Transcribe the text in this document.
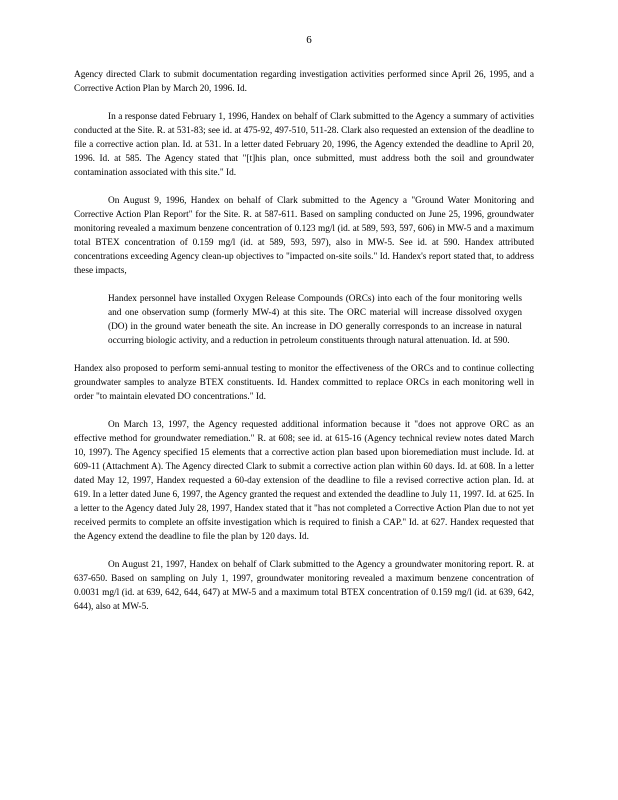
6

Agency directed Clark to submit documentation regarding investigation activities performed since April 26, 1995, and a Corrective Action Plan by March 20, 1996. Id.

In a response dated February 1, 1996, Handex on behalf of Clark submitted to the Agency a summary of activities conducted at the Site. R. at 531-83; see id. at 475-92, 497-510, 511-28. Clark also requested an extension of the deadline to file a corrective action plan. Id. at 531. In a letter dated February 20, 1996, the Agency extended the deadline to April 20, 1996. Id. at 585. The Agency stated that "[t]his plan, once submitted, must address both the soil and groundwater contamination associated with this site." Id.

On August 9, 1996, Handex on behalf of Clark submitted to the Agency a "Ground Water Monitoring and Corrective Action Plan Report" for the Site. R. at 587-611. Based on sampling conducted on June 25, 1996, groundwater monitoring revealed a maximum benzene concentration of 0.123 mg/l (id. at 589, 593, 597, 606) in MW-5 and a maximum total BTEX concentration of 0.159 mg/l (id. at 589, 593, 597), also in MW-5. See id. at 590. Handex attributed concentrations exceeding Agency clean-up objectives to "impacted on-site soils." Id. Handex's report stated that, to address these impacts,

Handex personnel have installed Oxygen Release Compounds (ORCs) into each of the four monitoring wells and one observation sump (formerly MW-4) at this site. The ORC material will increase dissolved oxygen (DO) in the ground water beneath the site. An increase in DO generally corresponds to an increase in natural occurring biologic activity, and a reduction in petroleum constituents through natural attenuation. Id. at 590.

Handex also proposed to perform semi-annual testing to monitor the effectiveness of the ORCs and to continue collecting groundwater samples to analyze BTEX constituents. Id. Handex committed to replace ORCs in each monitoring well in order "to maintain elevated DO concentrations." Id.

On March 13, 1997, the Agency requested additional information because it "does not approve ORC as an effective method for groundwater remediation." R. at 608; see id. at 615-16 (Agency technical review notes dated March 10, 1997). The Agency specified 15 elements that a corrective action plan based upon bioremediation must include. Id. at 609-11 (Attachment A). The Agency directed Clark to submit a corrective action plan within 60 days. Id. at 608. In a letter dated May 12, 1997, Handex requested a 60-day extension of the deadline to file a revised corrective action plan. Id. at 619. In a letter dated June 6, 1997, the Agency granted the request and extended the deadline to July 11, 1997. Id. at 625. In a letter to the Agency dated July 28, 1997, Handex stated that it "has not completed a Corrective Action Plan due to not yet received permits to complete an offsite investigation which is required to finish a CAP." Id. at 627. Handex requested that the Agency extend the deadline to file the plan by 120 days. Id.

On August 21, 1997, Handex on behalf of Clark submitted to the Agency a groundwater monitoring report. R. at 637-650. Based on sampling on July 1, 1997, groundwater monitoring revealed a maximum benzene concentration of 0.0031 mg/l (id. at 639, 642, 644, 647) at MW-5 and a maximum total BTEX concentration of 0.159 mg/l (id. at 639, 642, 644), also at MW-5.
